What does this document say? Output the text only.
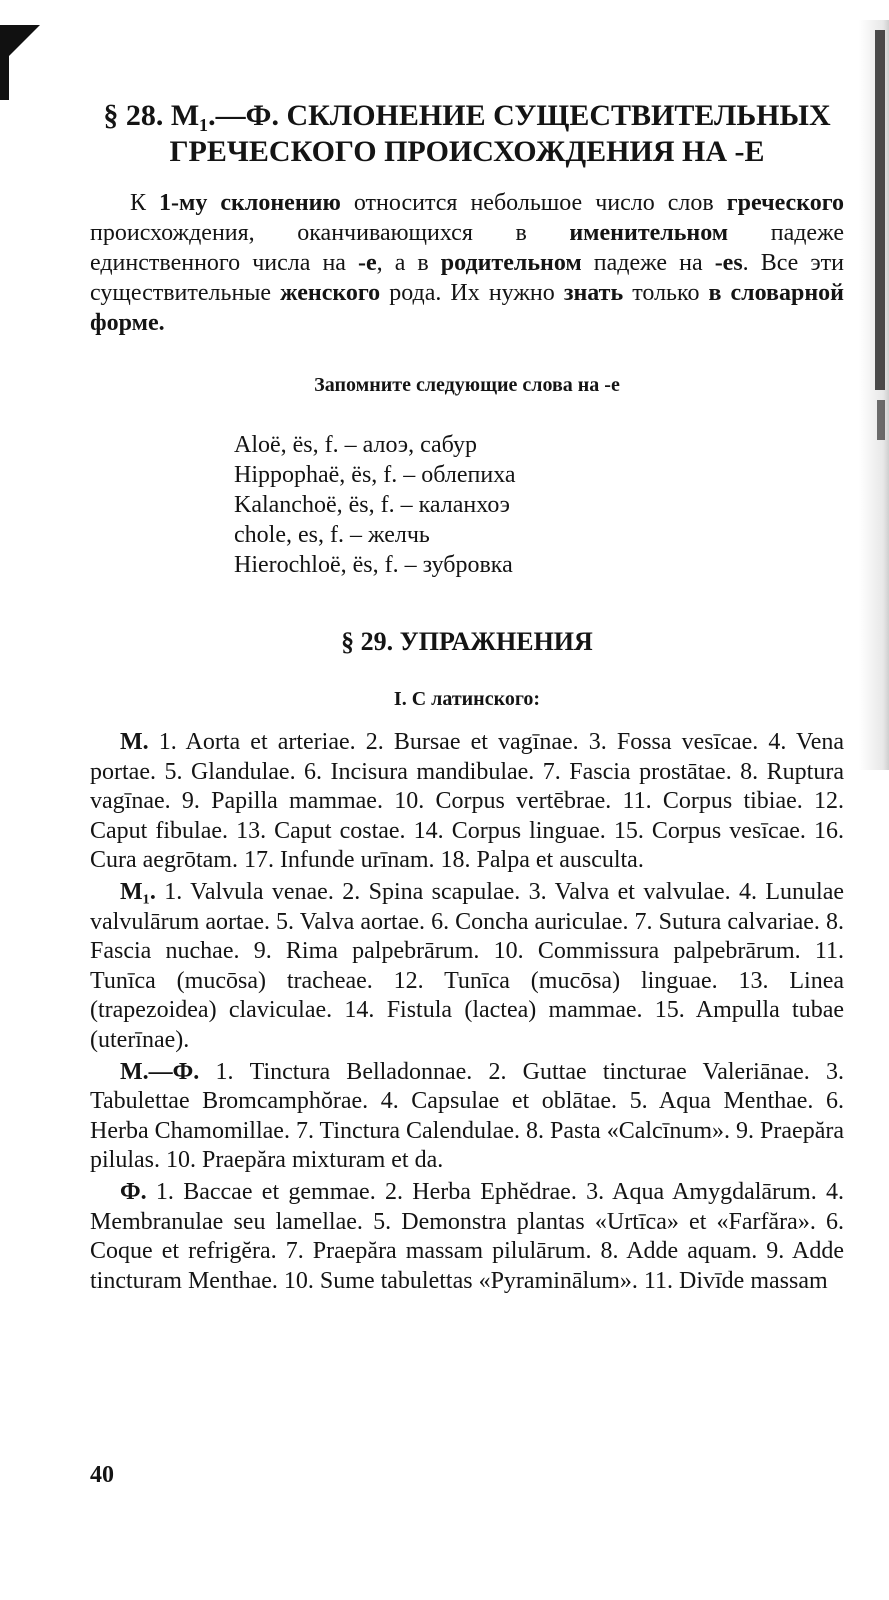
§ 28. M₁.—Ф. СКЛОНЕНИЕ СУЩЕСТВИТЕЛЬНЫХ
ГРЕЧЕСКОГО ПРОИСХОЖДЕНИЯ НА -Е

К 1-му склонению относится небольшое число слов греческого происхождения, оканчивающихся в именительном падеже единственного числа на -е, а в родительном падеже на -es. Все эти существительные женского рода. Их нужно знать только в словарной форме.

Запомните следующие слова на -е

Aloë, ës, f. – алоэ, сабур
Hippophaë, ës, f. – облепиха
Kalanchoë, ës, f. – каланхоэ
chole, es, f. – желчь
Hierochloë, ës, f. – зубровка
§ 29. УПРАЖНЕНИЯ
I. С латинского:

M. 1. Aorta et arteriae. 2. Bursae et vagīnae. 3. Fossa vesīcae. 4. Vena portae. 5. Glandulae. 6. Incisura mandibulae. 7. Fascia prostātae. 8. Ruptura vagīnae. 9. Papilla mammae. 10. Corpus vertēbrae. 11. Corpus tibiae. 12. Caput fibulae. 13. Caput costae. 14. Corpus linguae. 15. Corpus vesīcae. 16. Cura aegrōtam. 17. Infunde urīnam. 18. Palpa et ausculta.

M₁. 1. Valvula venae. 2. Spina scapulae. 3. Valva et valvulae. 4. Lunulae valvulārum aortae. 5. Valva aortae. 6. Concha auriculae. 7. Sutura calvariae. 8. Fascia nuchae. 9. Rima palpebrārum. 10. Commissura palpebrārum. 11. Tunīca (mucōsa) tracheae. 12. Tunīca (mucōsa) linguae. 13. Linea (trapezoidea) claviculae. 14. Fistula (lactea) mammae. 15. Ampulla tubae (uterīnae).

M.—Ф. 1. Tinctura Belladonnae. 2. Guttae tincturae Valeriānae. 3. Tabulettae Bromcamphŏrae. 4. Capsulae et oblātae. 5. Aqua Menthae. 6. Herba Chamomillae. 7. Tinctura Calendulae. 8. Pasta «Calcīnum». 9. Praepăra pilulas. 10. Praepăra mixturam et da.

Ф. 1. Baccae et gemmae. 2. Herba Ephĕdrae. 3. Aqua Amygdalārum. 4. Membranulae seu lamellae. 5. Demonstra plantas «Urtīca» et «Farfăra». 6. Coque et refrigĕra. 7. Praepăra massam pilulārum. 8. Adde aquam. 9. Adde tincturam Menthae. 10. Sume tabulettas «Pyraminālum». 11. Divīde massam

40
